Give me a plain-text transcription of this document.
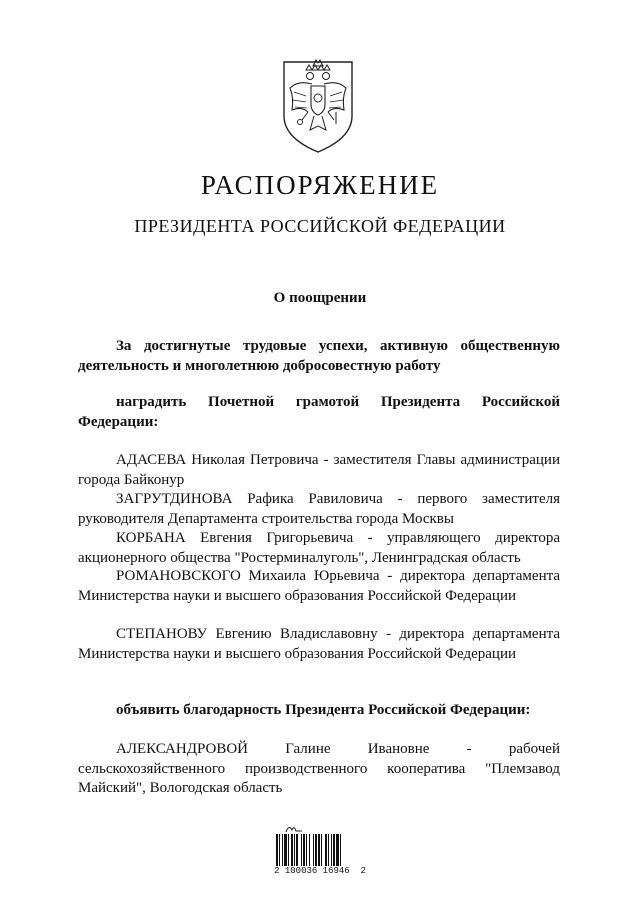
РАСПОРЯЖЕНИЕ
ПРЕЗИДЕНТА РОССИЙСКОЙ ФЕДЕРАЦИИ

О поощрении

За достигнутые трудовые успехи, активную общественную деятельность и многолетнюю добросовестную работу

наградить Почетной грамотой Президента Российской Федерации:

АДАСЕВА Николая Петровича - заместителя Главы администрации города Байконур

ЗАГРУТДИНОВА Рафика Равиловича - первого заместителя руководителя Департамента строительства города Москвы

КОРБАНА Евгения Григорьевича - управляющего директора акционерного общества "Ростерминалуголь", Ленинградская область

РОМАНОВСКОГО Михаила Юрьевича - директора департамента Министерства науки и высшего образования Российской Федерации

СТЕПАНОВУ Евгению Владиславовну - директора департамента Министерства науки и высшего образования Российской Федерации

объявить благодарность Президента Российской Федерации:

АЛЕКСАНДРОВОЙ Галине Ивановне - рабочей сельскохозяйственного производственного кооператива "Племзавод Майский", Вологодская область

2 100036 16946  2
